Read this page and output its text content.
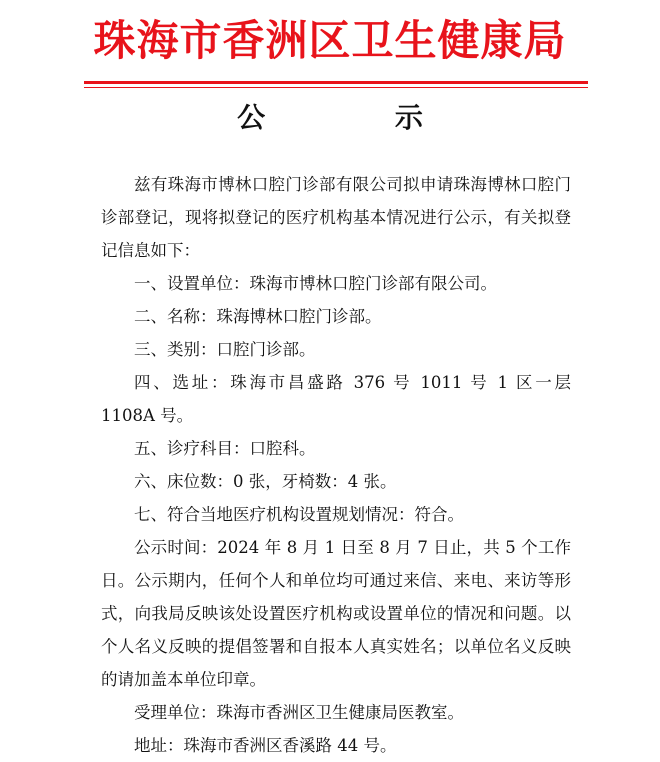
珠海市香洲区卫生健康局
公 示

兹有珠海市博林口腔门诊部有限公司拟申请珠海博林口腔门诊部登记，现将拟登记的医疗机构基本情况进行公示，有关拟登记信息如下：

一、设置单位：珠海市博林口腔门诊部有限公司。

二、名称：珠海博林口腔门诊部。

三、类别：口腔门诊部。

四、选址：珠海市昌盛路 376 号 1011 号 1 区一层 1108A 号。

五、诊疗科目：口腔科。

六、床位数：0 张，牙椅数：4 张。

七、符合当地医疗机构设置规划情况：符合。

公示时间：2024 年 8 月 1 日至 8 月 7 日止，共 5 个工作日。公示期内，任何个人和单位均可通过来信、来电、来访等形式，向我局反映该处设置医疗机构或设置单位的情况和问题。以个人名义反映的提倡签署和自报本人真实姓名；以单位名义反映的请加盖本单位印章。

受理单位：珠海市香洲区卫生健康局医教室。

地址：珠海市香洲区香溪路 44 号。
